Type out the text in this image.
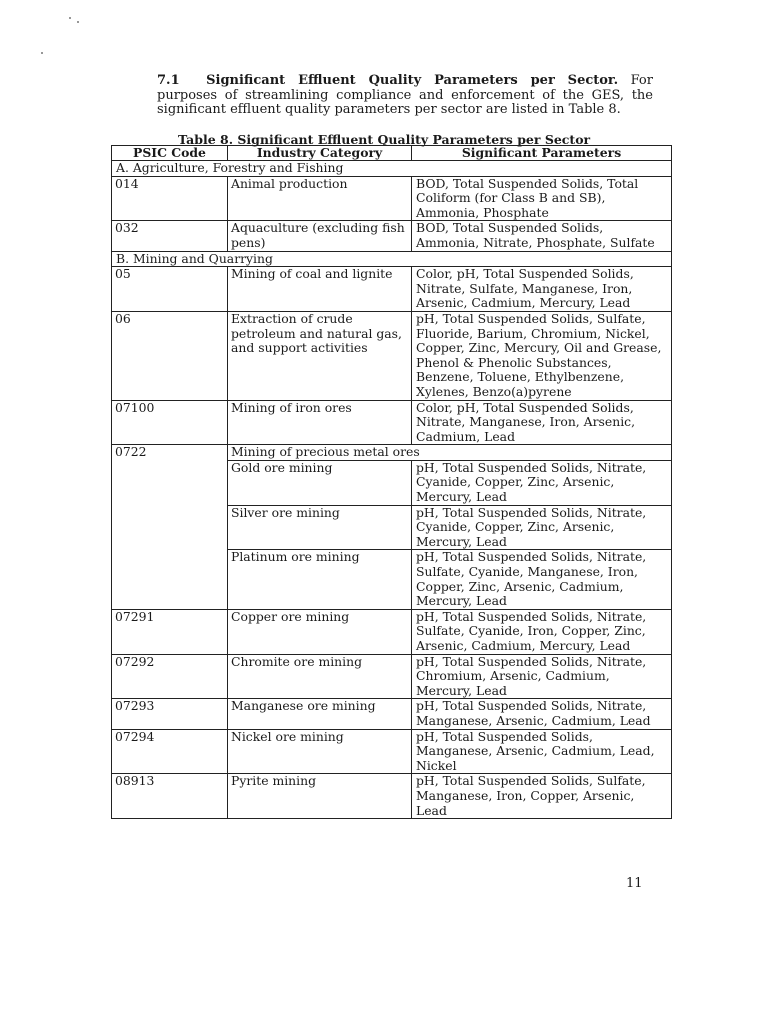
7.1 Significant Effluent Quality Parameters per Sector. For purposes of streamlining compliance and enforcement of the GES, the significant effluent quality parameters per sector are listed in Table 8.

Table 8. Significant Effluent Quality Parameters per Sector
PSIC Code	Industry Category	Significant Parameters
A. Agriculture, Forestry and Fishing		
014	Animal production	BOD, Total Suspended Solids, Total Coliform (for Class B and SB), Ammonia, Phosphate
032	Aquaculture (excluding fish pens)	BOD, Total Suspended Solids, Ammonia, Nitrate, Phosphate, Sulfate
B. Mining and Quarrying		
05	Mining of coal and lignite	Color, pH, Total Suspended Solids, Nitrate, Sulfate, Manganese, Iron, Arsenic, Cadmium, Mercury, Lead
06	Extraction of crude petroleum and natural gas, and support activities	pH, Total Suspended Solids, Sulfate, Fluoride, Barium, Chromium, Nickel, Copper, Zinc, Mercury, Oil and Grease, Phenol & Phenolic Substances, Benzene, Toluene, Ethylbenzene, Xylenes, Benzo(a)pyrene
07100	Mining of iron ores	Color, pH, Total Suspended Solids, Nitrate, Manganese, Iron, Arsenic, Cadmium, Lead
0722	Mining of precious metal ores	
	Gold ore mining	pH, Total Suspended Solids, Nitrate, Cyanide, Copper, Zinc, Arsenic, Mercury, Lead
	Silver ore mining	pH, Total Suspended Solids, Nitrate, Cyanide, Copper, Zinc, Arsenic, Mercury, Lead
	Platinum ore mining	pH, Total Suspended Solids, Nitrate, Sulfate, Cyanide, Manganese, Iron, Copper, Zinc, Arsenic, Cadmium, Mercury, Lead
07291	Copper ore mining	pH, Total Suspended Solids, Nitrate, Sulfate, Cyanide, Iron, Copper, Zinc, Arsenic, Cadmium, Mercury, Lead
07292	Chromite ore mining	pH, Total Suspended Solids, Nitrate, Chromium, Arsenic, Cadmium, Mercury, Lead
07293	Manganese ore mining	pH, Total Suspended Solids, Nitrate, Manganese, Arsenic, Cadmium, Lead
07294	Nickel ore mining	pH, Total Suspended Solids, Manganese, Arsenic, Cadmium, Lead, Nickel
08913	Pyrite mining	pH, Total Suspended Solids, Sulfate, Manganese, Iron, Copper, Arsenic, Lead
11
